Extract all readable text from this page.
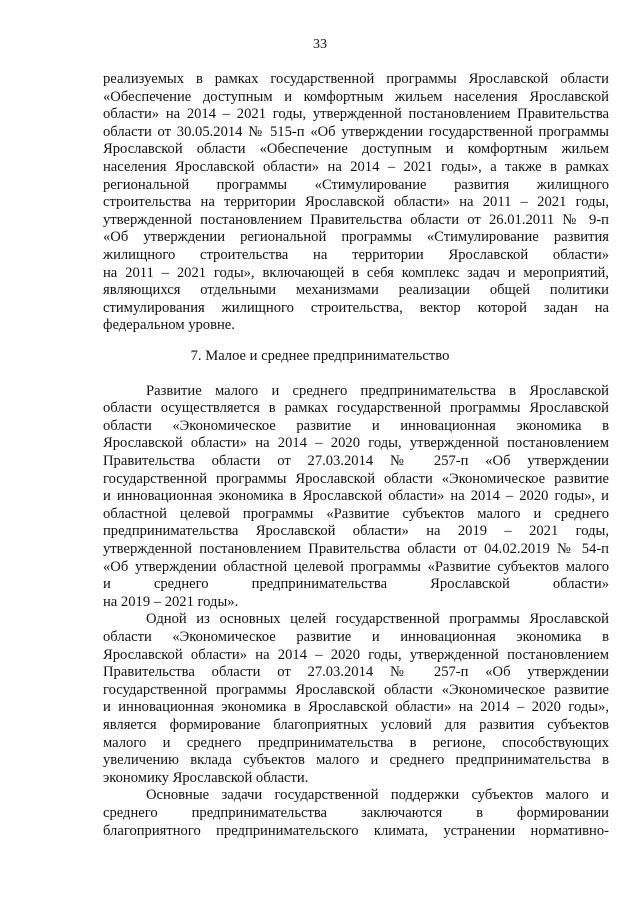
33
реализуемых в рамках государственной программы Ярославской области
«Обеспечение доступным и комфортным жильем населения Ярославской
области» на 2014 – 2021 годы, утвержденной постановлением Правительства
области от 30.05.2014 № 515-п «Об утверждении государственной программы
Ярославской области «Обеспечение доступным и комфортным жильем
населения Ярославской области» на 2014 – 2021 годы», а также в рамках
региональной программы «Стимулирование развития жилищного
строительства на территории Ярославской области» на 2011 – 2021 годы,
утвержденной постановлением Правительства области от 26.01.2011 № 9-п
«Об утверждении региональной программы «Стимулирование развития
жилищного строительства на территории Ярославской области»
на 2011 – 2021 годы», включающей в себя комплекс задач и мероприятий,
являющихся отдельными механизмами реализации общей политики
стимулирования жилищного строительства, вектор которой задан на
федеральном уровне.
7. Малое и среднее предпринимательство
Развитие малого и среднего предпринимательства в Ярославской
области осуществляется в рамках государственной программы Ярославской
области «Экономическое развитие и инновационная экономика в
Ярославской области» на 2014 – 2020 годы, утвержденной постановлением
Правительства области от 27.03.2014 № 257-п «Об утверждении
государственной программы Ярославской области «Экономическое развитие
и инновационная экономика в Ярославской области» на 2014 – 2020 годы», и
областной целевой программы «Развитие субъектов малого и среднего
предпринимательства Ярославской области» на 2019 – 2021 годы,
утвержденной постановлением Правительства области от 04.02.2019 № 54-п
«Об утверждении областной целевой программы «Развитие субъектов малого
и среднего предпринимательства Ярославской области»
на 2019 – 2021 годы».
Одной из основных целей государственной программы Ярославской
области «Экономическое развитие и инновационная экономика в
Ярославской области» на 2014 – 2020 годы, утвержденной постановлением
Правительства области от 27.03.2014 № 257-п «Об утверждении
государственной программы Ярославской области «Экономическое развитие
и инновационная экономика в Ярославской области» на 2014 – 2020 годы»,
является формирование благоприятных условий для развития субъектов
малого и среднего предпринимательства в регионе, способствующих
увеличению вклада субъектов малого и среднего предпринимательства в
экономику Ярославской области.
Основные задачи государственной поддержки субъектов малого и
среднего предпринимательства заключаются в формировании
благоприятного предпринимательского климата, устранении нормативно-
